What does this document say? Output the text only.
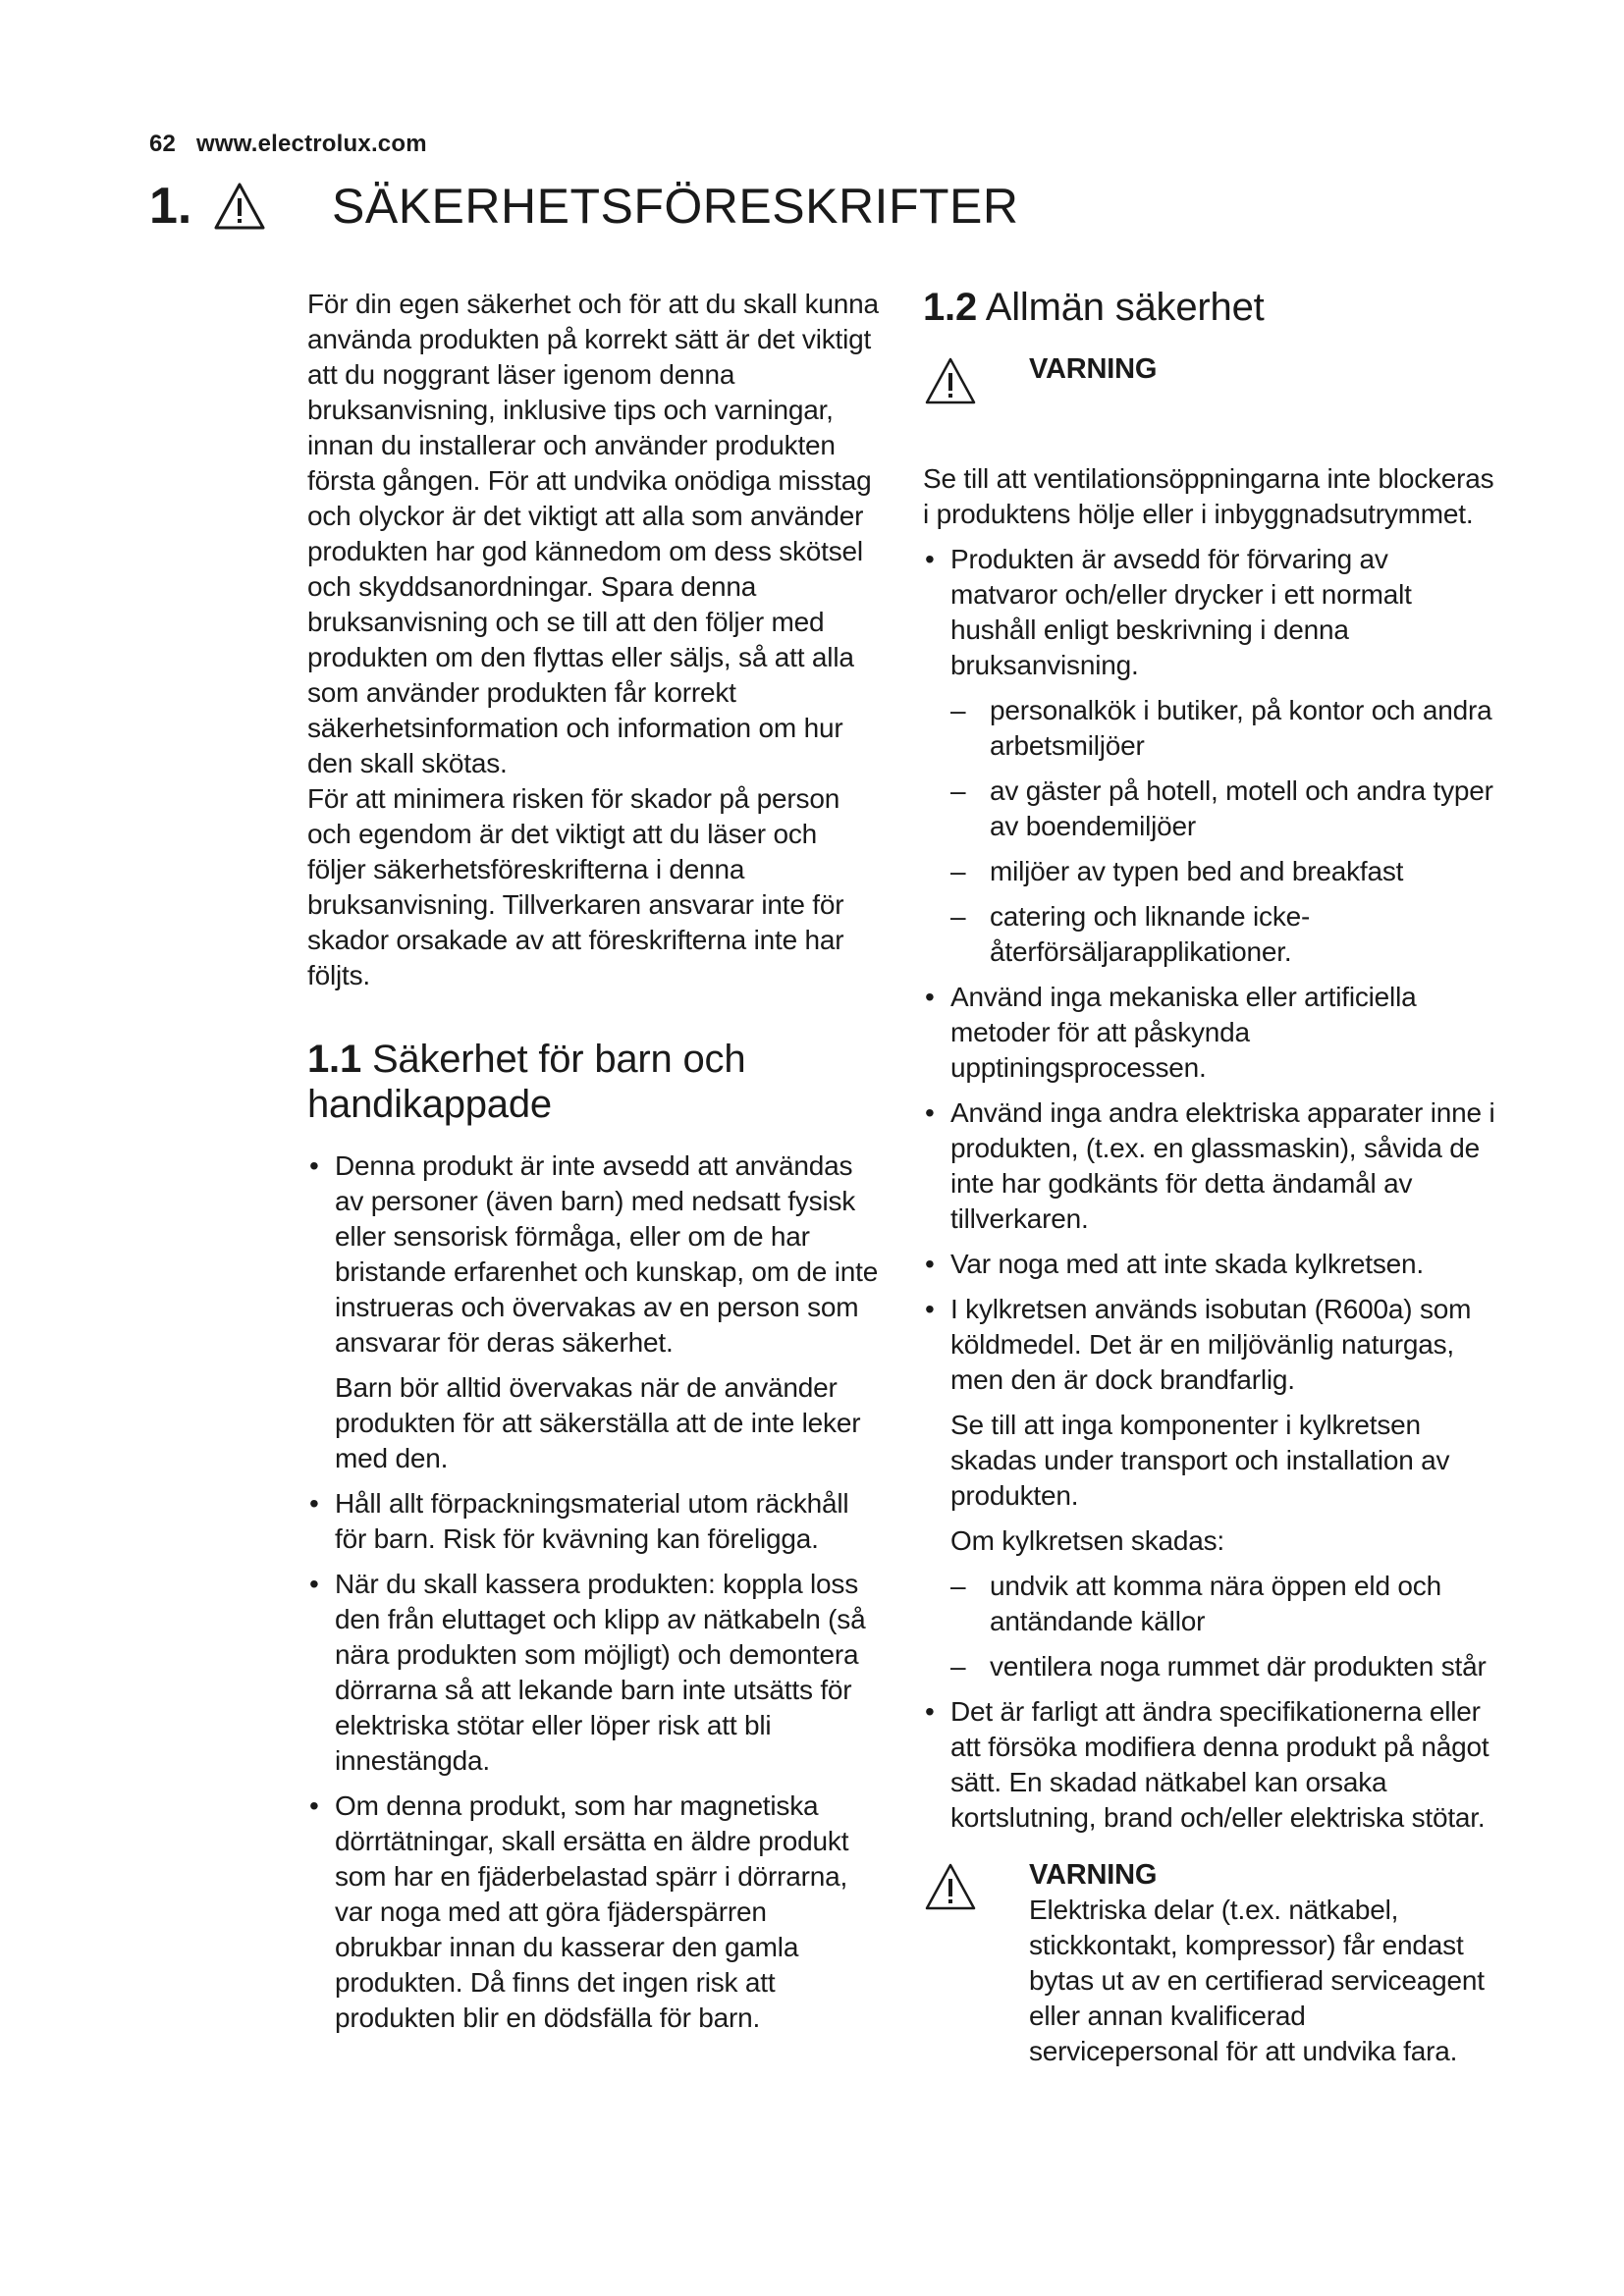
62 www.electrolux.com
1.	SÄKERHETSFÖRESKRIFTER

För din egen säkerhet och för att du skall kunna använda produkten på korrekt sätt är det viktigt att du noggrant läser igenom denna bruksanvisning, inklusive tips och varningar, innan du installerar och använder produkten första gången. För att undvika onödiga misstag och olyckor är det viktigt att alla som använder produkten har god kännedom om dess skötsel och skyddsanordningar. Spara denna bruksanvisning och se till att den följer med produkten om den flyttas eller säljs, så att alla som använder produkten får korrekt säkerhetsinformation och information om hur den skall skötas.

För att minimera risken för skador på person och egendom är det viktigt att du läser och följer säkerhetsföreskrifterna i denna bruksanvisning. Tillverkaren ansvarar inte för skador orsakade av att föreskrifterna inte har följts.

1.1 Säkerhet för barn och handikappade
• Denna produkt är inte avsedd att användas av personer (även barn) med nedsatt fysisk eller sensorisk förmåga, eller om de har bristande erfarenhet och kunskap, om de inte instrueras och övervakas av en person som ansvarar för deras säkerhet.

Barn bör alltid övervakas när de använder produkten för att säkerställa att de inte leker med den.

• Håll allt förpackningsmaterial utom räckhåll för barn. Risk för kvävning kan föreligga.
• När du skall kassera produkten: koppla loss den från eluttaget och klipp av nätkabeln (så nära produkten som möjligt) och demontera dörrarna så att lekande barn inte utsätts för elektriska stötar eller löper risk att bli innestängda.
• Om denna produkt, som har magnetiska dörrtätningar, skall ersätta en äldre produkt som har en fjäderbelastad spärr i dörrarna, var noga med att göra fjäderspärren obrukbar innan du kasserar den gamla produkten. Då finns det ingen risk att produkten blir en dödsfälla för barn.
1.2 Allmän säkerhet
VARNING

Se till att ventilationsöppningarna inte blockeras i produktens hölje eller i inbyggnadsutrymmet.

• Produkten är avsedd för förvaring av matvaror och/eller drycker i ett normalt hushåll enligt beskrivning i denna bruksanvisning.
– personalkök i butiker, på kontor och andra arbetsmiljöer
– av gäster på hotell, motell och andra typer av boendemiljöer
– miljöer av typen bed and breakfast
– catering och liknande icke-återförsäljarapplikationer.
• Använd inga mekaniska eller artificiella metoder för att påskynda upptiningsprocessen.
• Använd inga andra elektriska apparater inne i produkten, (t.ex. en glassmaskin), såvida de inte har godkänts för detta ändamål av tillverkaren.
• Var noga med att inte skada kylkretsen.
• I kylkretsen används isobutan (R600a) som köldmedel. Det är en miljövänlig naturgas, men den är dock brandfarlig.

Se till att inga komponenter i kylkretsen skadas under transport och installation av produkten.

Om kylkretsen skadas:

– undvik att komma nära öppen eld och antändande källor
– ventilera noga rummet där produkten står
• Det är farligt att ändra specifikationerna eller att försöka modifiera denna produkt på något sätt. En skadad nätkabel kan orsaka kortslutning, brand och/eller elektriska stötar.
VARNING

Elektriska delar (t.ex. nätkabel, stickkontakt, kompressor) får endast bytas ut av en certifierad serviceagent eller annan kvalificerad servicepersonal för att undvika fara.
